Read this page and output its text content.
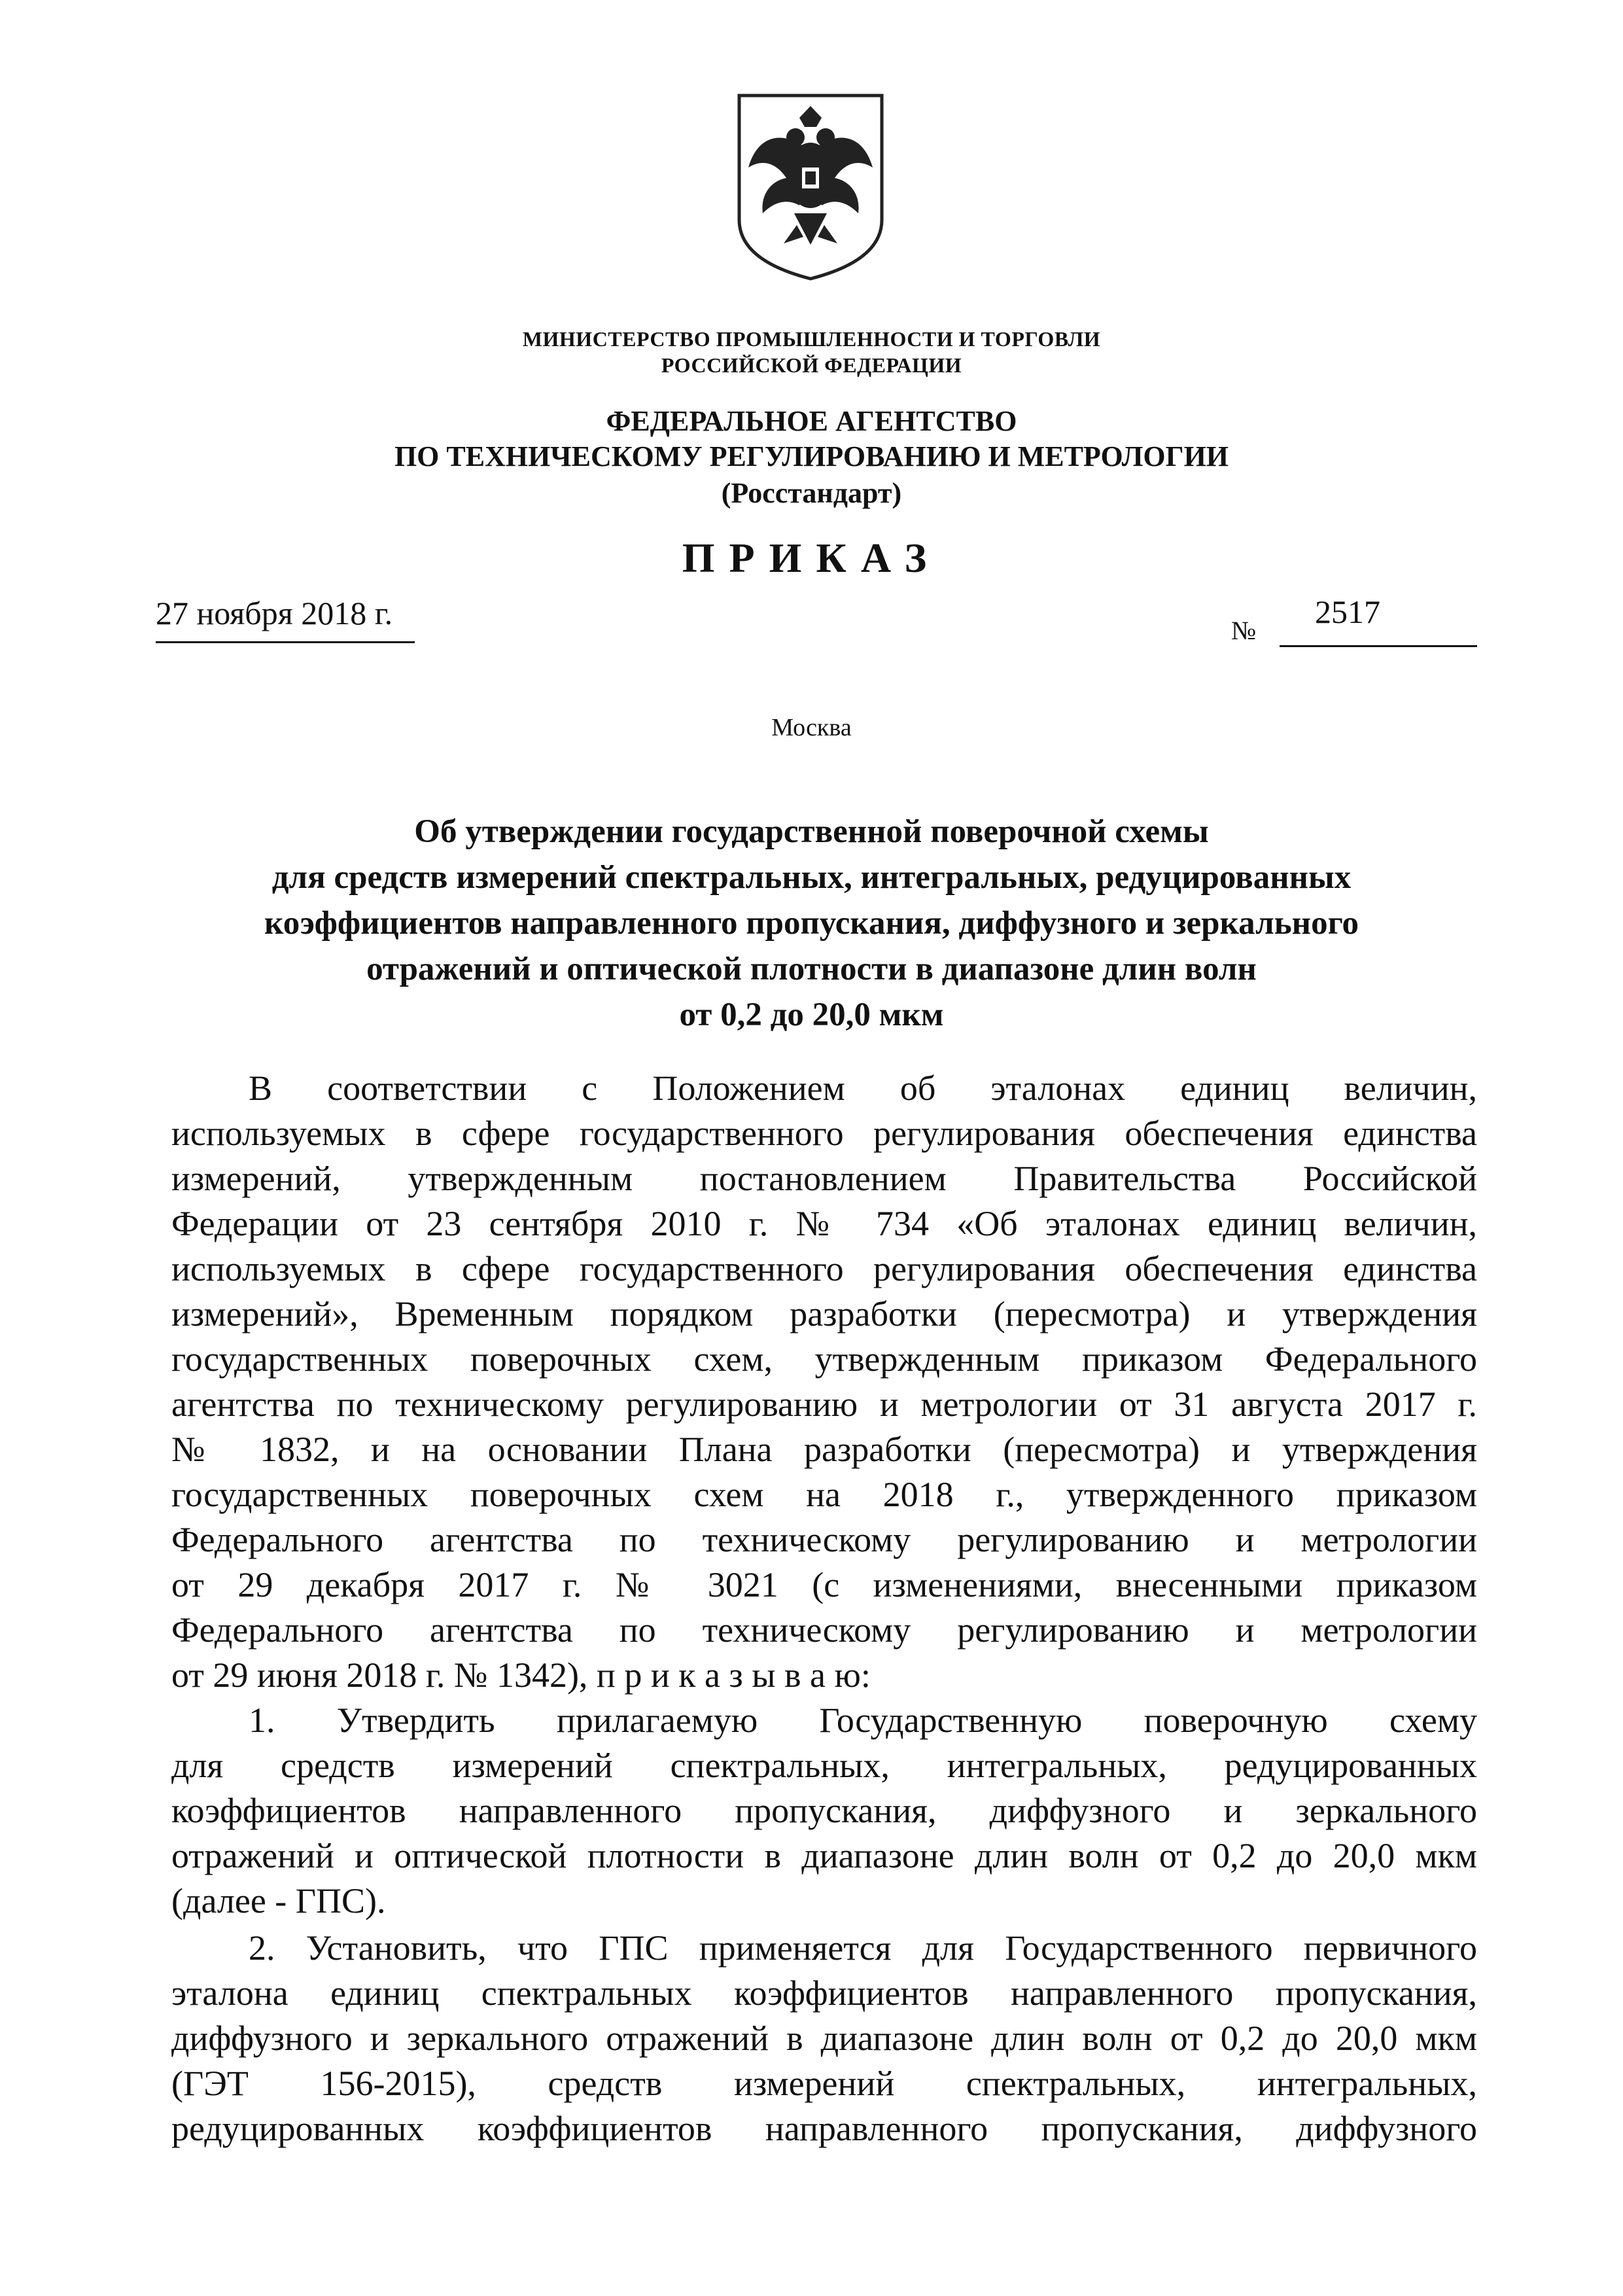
МИНИСТЕРСТВО ПРОМЫШЛЕННОСТИ И ТОРГОВЛИ
РОССИЙСКОЙ ФЕДЕРАЦИИ
ФЕДЕРАЛЬНОЕ АГЕНТСТВО
ПО ТЕХНИЧЕСКОМУ РЕГУЛИРОВАНИЮ И МЕТРОЛОГИИ
(Росстандарт)
ПРИКАЗ
27 ноября 2018 г.	№
2517
Москва
Об утверждении государственной поверочной схемы
для средств измерений спектральных, интегральных, редуцированных
коэффициентов направленного пропускания, диффузного и зеркального
отражений и оптической плотности в диапазоне длин волн
от 0,2 до 20,0 мкм
В соответствии с Положением об эталонах единиц величин,
используемых в сфере государственного регулирования обеспечения единства
измерений, утвержденным постановлением Правительства Российской
Федерации от 23 сентября 2010 г. № 734 «Об эталонах единиц величин,
используемых в сфере государственного регулирования обеспечения единства
измерений», Временным порядком разработки (пересмотра) и утверждения
государственных поверочных схем, утвержденным приказом Федерального
агентства по техническому регулированию и метрологии от 31 августа 2017 г.
№ 1832, и на основании Плана разработки (пересмотра) и утверждения
государственных поверочных схем на 2018 г., утвержденного приказом
Федерального агентства по техническому регулированию и метрологии
от 29 декабря 2017 г. № 3021 (с изменениями, внесенными приказом
Федерального агентства по техническому регулированию и метрологии
от 29 июня 2018 г. № 1342), п р и к а з ы в а ю:
1. Утвердить прилагаемую Государственную поверочную схему
для средств измерений спектральных, интегральных, редуцированных
коэффициентов направленного пропускания, диффузного и зеркального
отражений и оптической плотности в диапазоне длин волн от 0,2 до 20,0 мкм
(далее - ГПС).
2. Установить, что ГПС применяется для Государственного первичного
эталона единиц спектральных коэффициентов направленного пропускания,
диффузного и зеркального отражений в диапазоне длин волн от 0,2 до 20,0 мкм
(ГЭТ 156-2015), средств измерений спектральных, интегральных,
редуцированных коэффициентов направленного пропускания, диффузного
